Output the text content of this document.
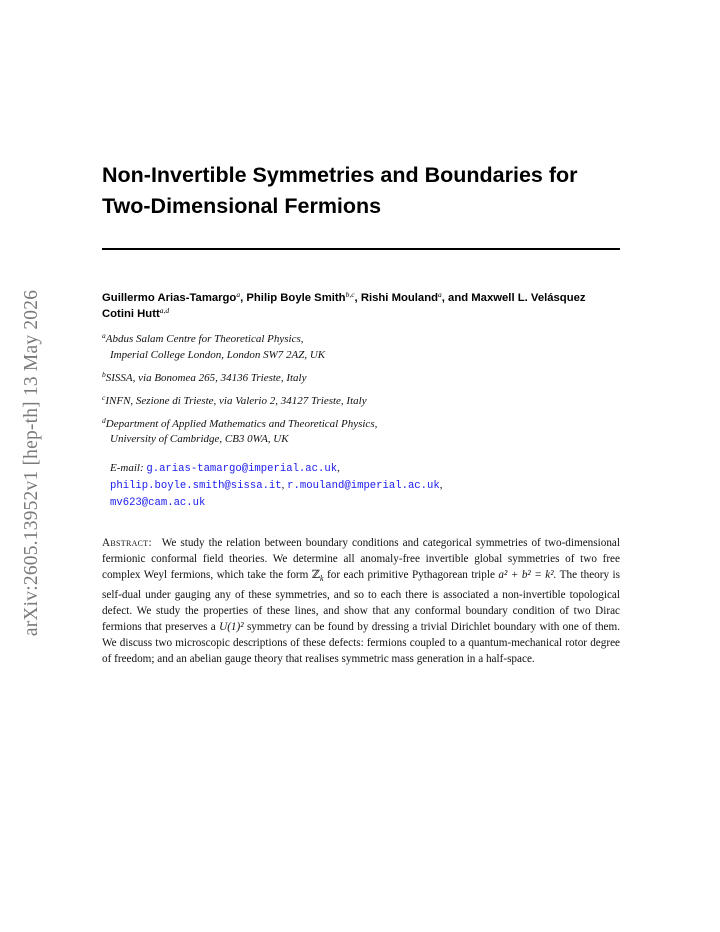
arXiv:2605.13952v1 [hep-th] 13 May 2026
Non-Invertible Symmetries and Boundaries for
Two-Dimensional Fermions
Guillermo Arias-Tamargo$^a$, Philip Boyle Smith$^{b,c}$, Rishi Mouland$^a$, and Maxwell L. Velásquez Cotini Hutt$^{a,d}$
$^a$Abdus Salam Centre for Theoretical Physics,
Imperial College London, London SW7 2AZ, UK
$^b$SISSA, via Bonomea 265, 34136 Trieste, Italy
$^c$INFN, Sezione di Trieste, via Valerio 2, 34127 Trieste, Italy
$^d$Department of Applied Mathematics and Theoretical Physics,
University of Cambridge, CB3 0WA, UK
E-mail: g.arias-tamargo@imperial.ac.uk,
philip.boyle.smith@sissa.it, r.mouland@imperial.ac.uk,
mv623@cam.ac.uk
Abstract: We study the relation between boundary conditions and categorical symmetries of two-dimensional fermionic conformal field theories. We determine all anomaly-free invertible global symmetries of two free complex Weyl fermions, which take the form ℤ$_k$ for each primitive Pythagorean triple a² + b² = k². The theory is self-dual under gauging any of these symmetries, and so to each there is associated a non-invertible topological defect. We study the properties of these lines, and show that any conformal boundary condition of two Dirac fermions that preserves a U(1)² symmetry can be found by dressing a trivial Dirichlet boundary with one of them. We discuss two microscopic descriptions of these defects: fermions coupled to a quantum-mechanical rotor degree of freedom; and an abelian gauge theory that realises symmetric mass generation in a half-space.
